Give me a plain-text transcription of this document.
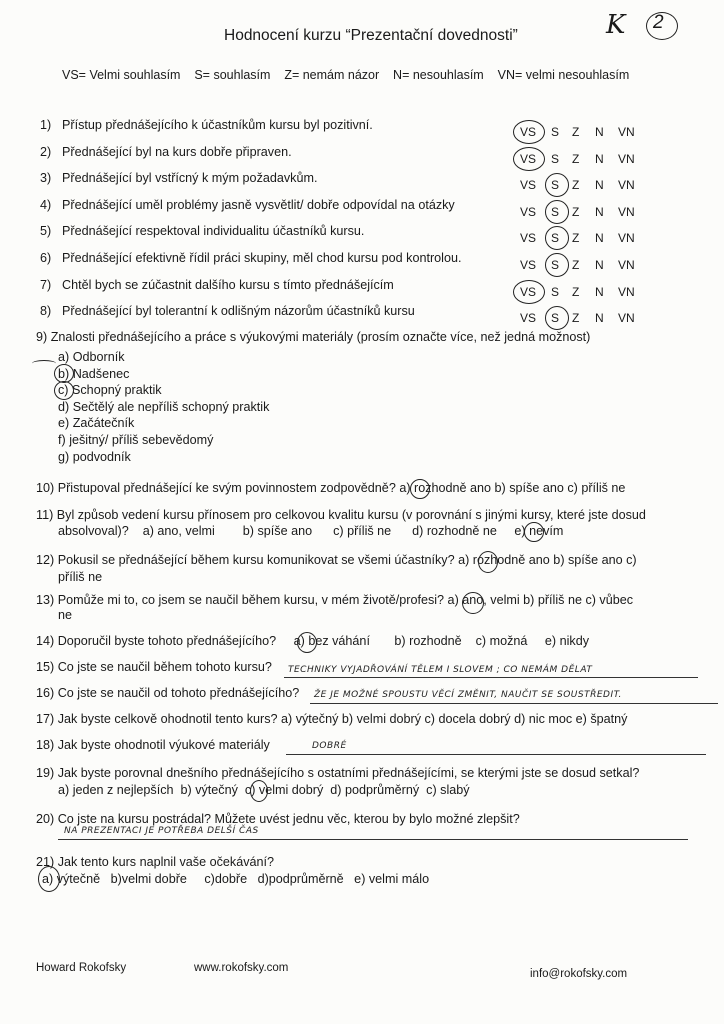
Hodnocení kurzu “Prezentační dovednosti”	K 2
VS= Velmi souhlasím    S= souhlasím    Z= nemám názor    N= nesouhlasím    VN= velmi nesouhlasím
1) Přístup přednášejícího k účastníkům kursu byl pozitivní.	VS S Z N VN
2) Přednášející byl na kurs dobře připraven.	VS S Z N VN
3) Přednášející byl vstřícný k mým požadavkům.	VS S Z N VN
4) Přednášející uměl problémy jasně vysvětlit/ dobře odpovídal na otázky	VS S Z N VN
5) Přednášející respektoval individualitu účastníků kursu.	VS S Z N VN
6) Přednášející efektivně řídil práci skupiny, měl chod kursu pod kontrolou.	VS S Z N VN
7) Chtěl bych se zúčastnit dalšího kursu s tímto přednášejícím	VS S Z N VN
8) Přednášející byl tolerantní k odlišným názorům účastníků kursu	VS S Z N VN
9) Znalosti přednášejícího a práce s výukovými materiály (prosím označte více, než jedná možnost)
a) Odborník
b) Nadšenec
c) Schopný praktik
d) Sečtělý ale nepříliš schopný praktik
e) Začátečník
f) ješitný/ příliš sebevědomý
g) podvodník
10) Přistupoval přednášející ke svým povinnostem zodpovědně? a) rozhodně ano b) spíše ano c) příliš ne
11) Byl způsob vedení kursu přínosem pro celkovou kvalitu kursu (v porovnání s jinými kursy, které jste dosud
absolvoval)?    a) ano, velmi        b) spíše ano      c) příliš ne      d) rozhodně ne     e) nevím
12) Pokusil se přednášející během kursu komunikovat se všemi účastníky? a) rozhodně ano b) spíše ano c)
příliš ne
13) Pomůže mi to, co jsem se naučil během kursu, v mém životě/profesi? a) ano, velmi b) příliš ne c) vůbec
ne
14) Doporučil byste tohoto přednášejícího?     a) bez váhání       b) rozhodně    c) možná     e) nikdy
15) Co jste se naučil během tohoto kursu? TECHNIKY VYJADŘOVÁNÍ TĚLEM I SLOVEM ; CO NEMÁM DĚLAT
16) Co jste se naučil od tohoto přednášejícího? ŽE JE MOŽNÉ SPOUSTU VĚCÍ ZMĚNIT, NAUČIT SE SOUSTŘEDIT.
17) Jak byste celkově ohodnotil tento kurs? a) výtečný b) velmi dobrý c) docela dobrý d) nic moc e) špatný
18) Jak byste ohodnotil výukové materiály	DOBRÉ
19) Jak byste porovnal dnešního přednášejícího s ostatními přednášejícími, se kterými jste se dosud setkal?
a) jeden z nejlepších  b) výtečný  c) velmi dobrý  d) podprůměrný  c) slabý
20) Co jste na kursu postrádal? Můžete uvést jednu věc, kterou by bylo možné zlepšit?
NA PREZENTACI JE POTŘEBA DELŠÍ ČAS
21) Jak tento kurs naplnil vaše očekávání?
a) výtečně   b)velmi dobře     c)dobře   d)podprůměrně   e) velmi málo
Howard Rokofsky	www.rokofsky.com	info@rokofsky.com
